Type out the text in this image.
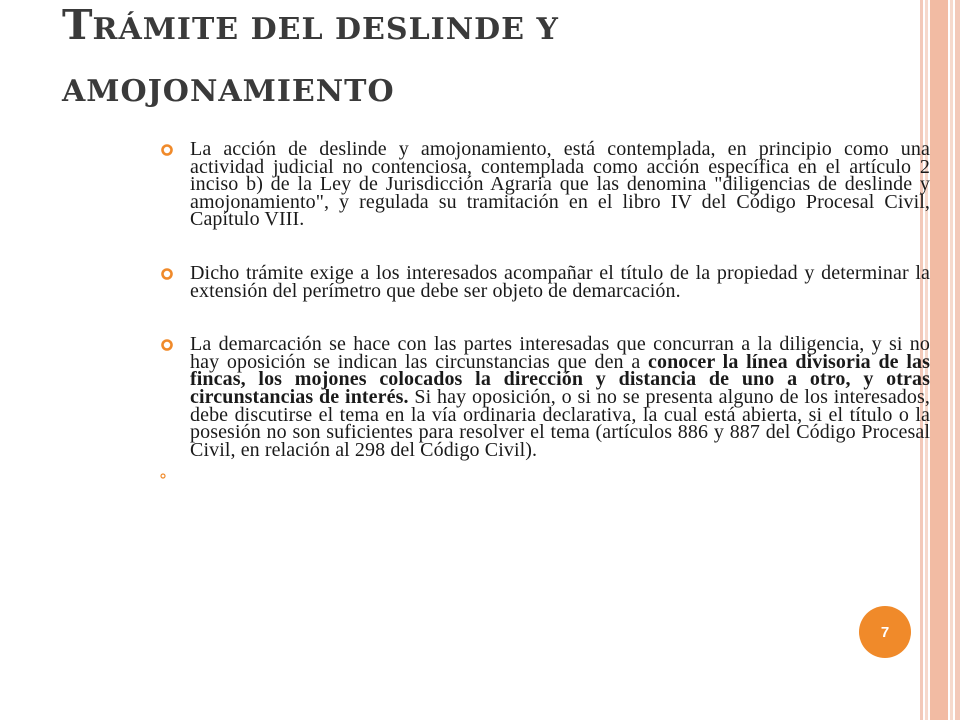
TRÁMITE DEL DESLINDE Y
AMOJONAMIENTO
La acción de deslinde y amojonamiento, está contemplada, en principio como una actividad judicial no contenciosa, contemplada como acción específica en el artículo 2 inciso b) de la Ley de Jurisdicción Agraria que las denomina "diligencias de deslinde y amojonamiento", y regulada su tramitación en el libro IV del Código Procesal Civil, Capítulo VIII.
Dicho trámite exige a los interesados acompañar el título de la propiedad y determinar la extensión del perímetro que debe ser objeto de demarcación.
La demarcación se hace con las partes interesadas que concurran a la diligencia, y si no hay oposición se indican las circunstancias que den a conocer la línea divisoria de las fincas, los mojones colocados la dirección y distancia de uno a otro, y otras circunstancias de interés. Si hay oposición, o si no se presenta alguno de los interesados, debe discutirse el tema en la vía ordinaria declarativa, la cual está abierta, si el título o la posesión no son suficientes para resolver el tema (artículos 886 y 887 del Código Procesal Civil, en relación al 298 del Código Civil).
7
